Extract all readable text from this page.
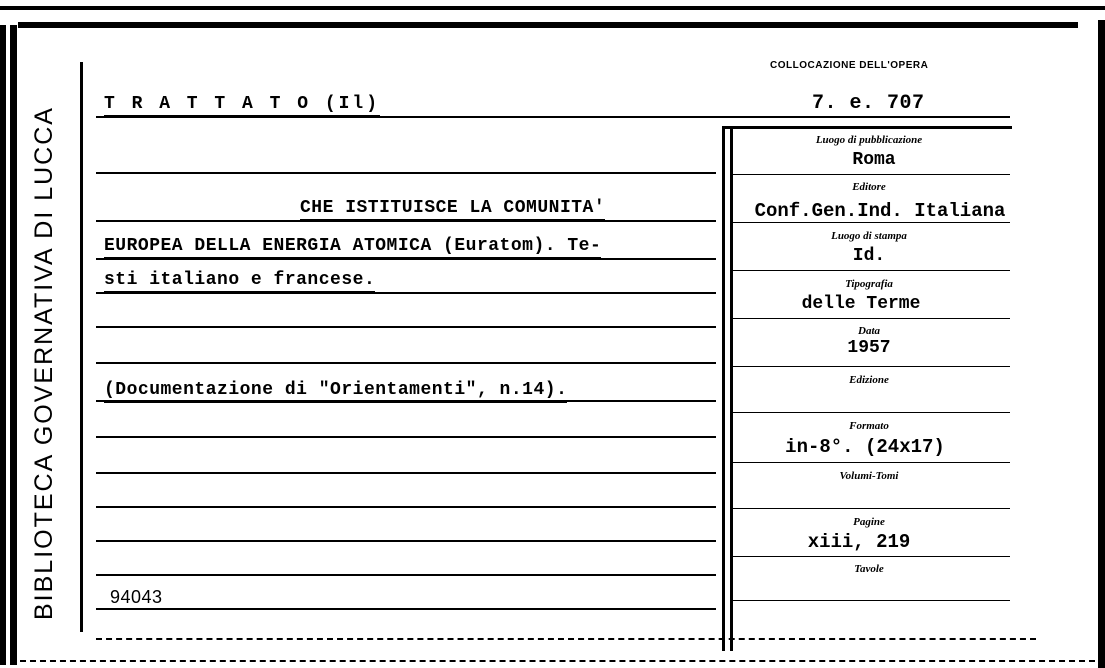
BIBLIOTECA GOVERNATIVA DI LUCCA
COLLOCAZIONE DELL'OPERA
7. e. 707
T R A T T A T O (Il)
CHE ISTITUISCE LA COMUNITA'
EUROPEA DELLA ENERGIA ATOMICA (Euratom). Te-
sti italiano e francese.
(Documentazione di "Orientamenti", n.14).
94043
Luogo di pubblicazione
Roma
Editore
Conf.Gen.Ind. Italiana
Luogo di stampa
Id.
Tipografia
delle Terme
Data
1957
Edizione
Formato
in-8°. (24x17)
Volumi-Tomi
Pagine
xiii, 219
Tavole
